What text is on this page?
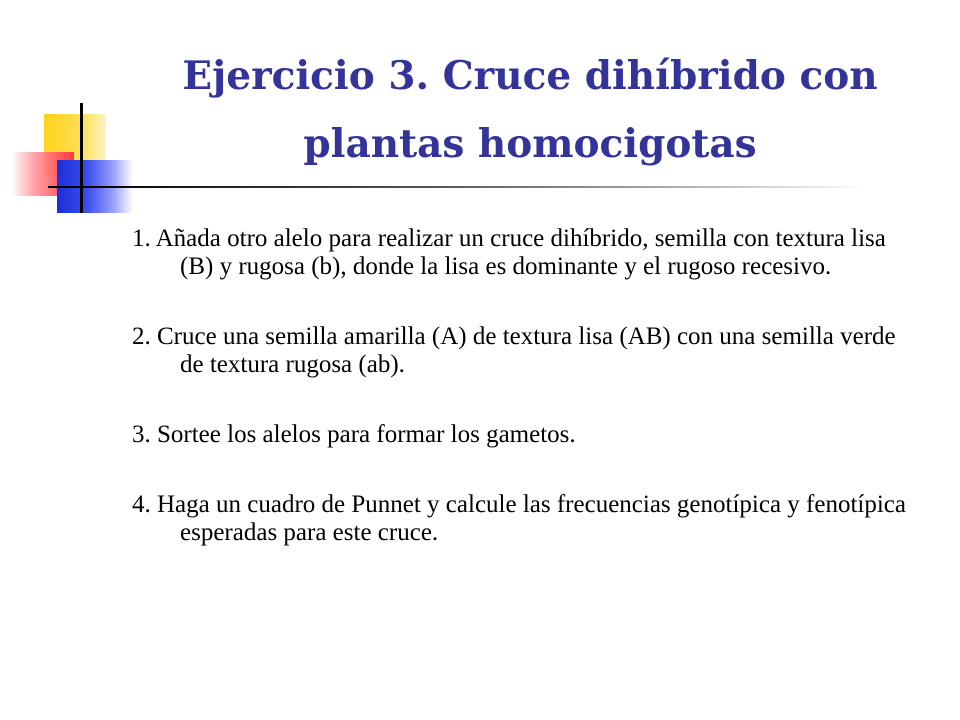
Ejercicio 3. Cruce dihíbrido con
plantas homocigotas

1. Añada otro alelo para realizar un cruce dihíbrido, semilla con textura lisa (B) y rugosa (b), donde la lisa es dominante y el rugoso recesivo.

2. Cruce una semilla amarilla (A) de textura lisa (AB) con una semilla verde de textura rugosa (ab).

3. Sortee los alelos para formar los gametos.

4. Haga un cuadro de Punnet y calcule las frecuencias genotípica y fenotípica esperadas para este cruce.
